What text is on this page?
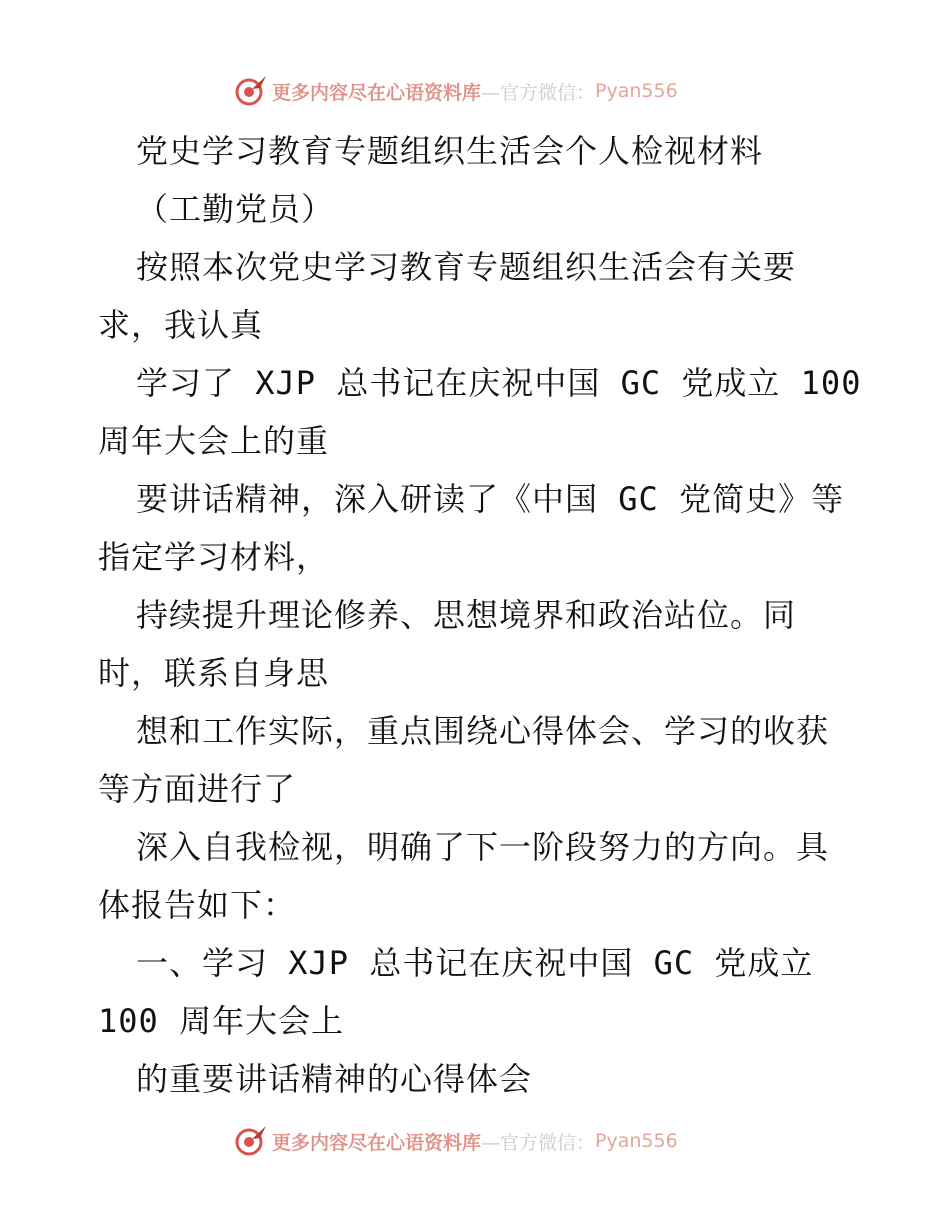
更多内容尽在心语资料库 —官方微信： Pyan556
党史学习教育专题组织生活会个人检视材料
（工勤党员）
按照本次党史学习教育专题组织生活会有关要
求，我认真
学习了 XJP 总书记在庆祝中国 GC 党成立 100
周年大会上的重
要讲话精神，深入研读了《中国 GC 党简史》等
指定学习材料，
持续提升理论修养、思想境界和政治站位。同
时，联系自身思
想和工作实际，重点围绕心得体会、学习的收获
等方面进行了
深入自我检视，明确了下一阶段努力的方向。具
体报告如下：
一、学习 XJP 总书记在庆祝中国 GC 党成立
100 周年大会上
的重要讲话精神的心得体会
更多内容尽在心语资料库 —官方微信： Pyan556
